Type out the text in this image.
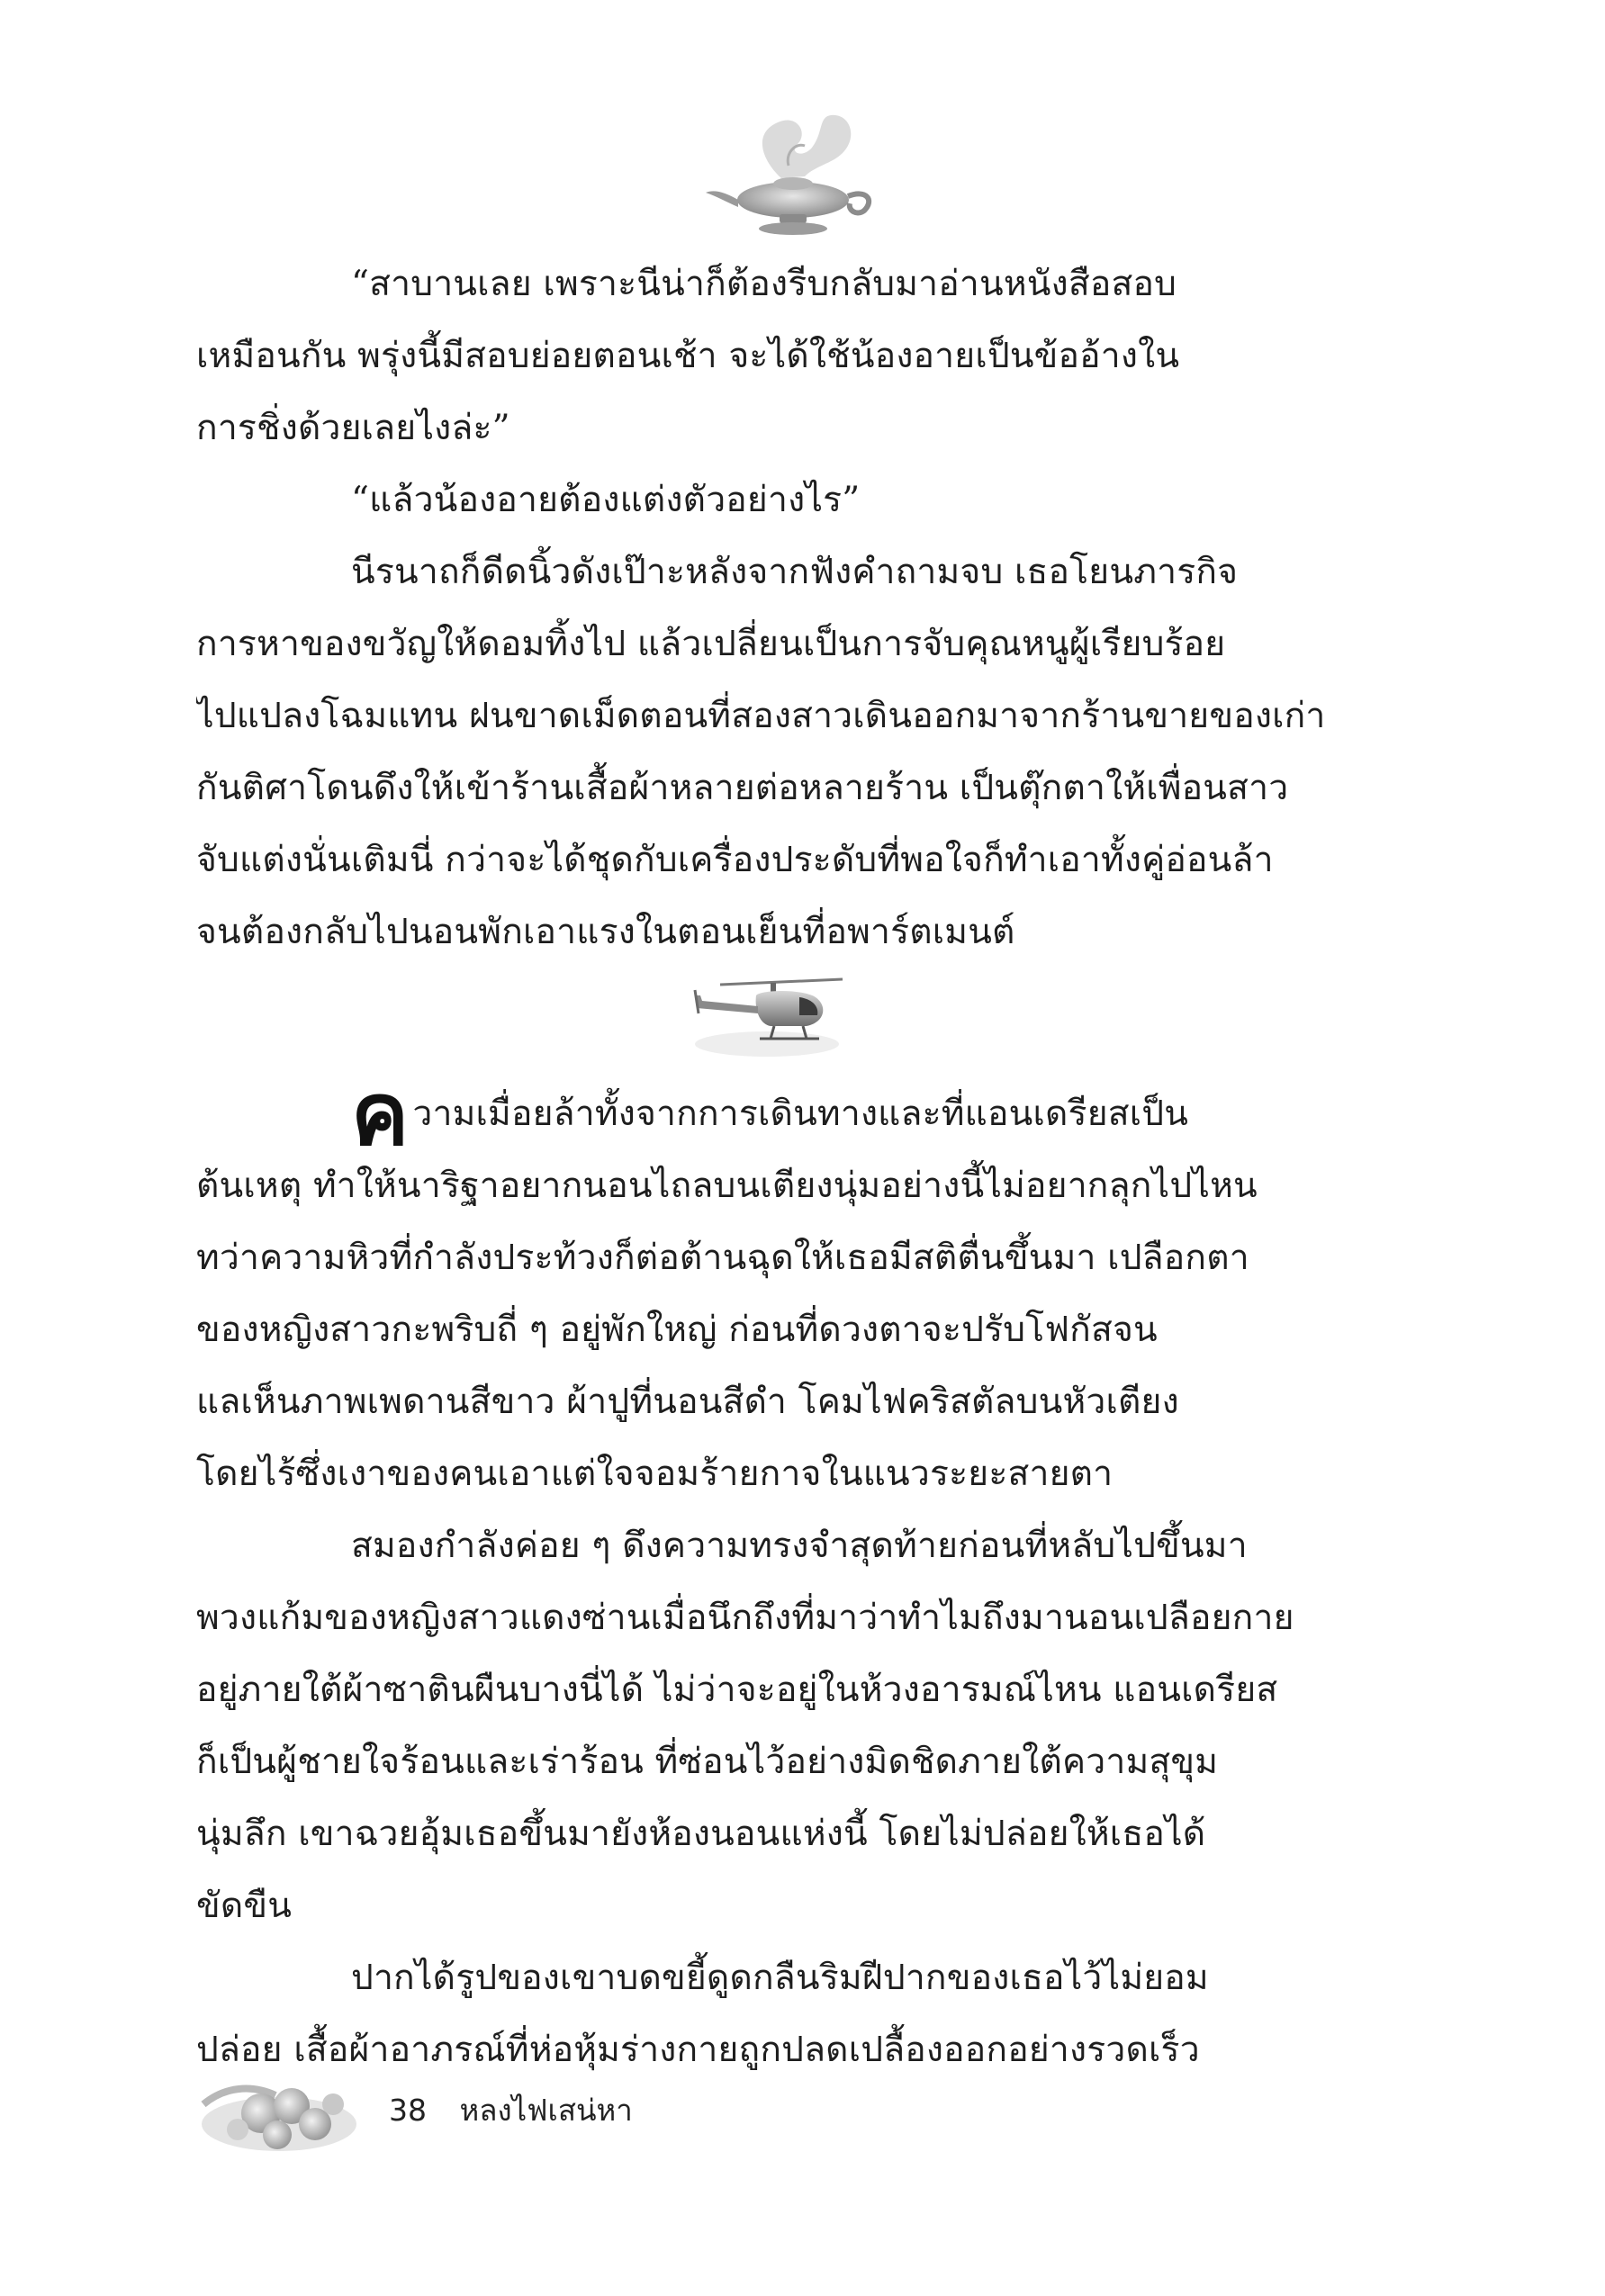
“สาบานเลย เพราะนีน่าก็ต้องรีบกลับมาอ่านหนังสือสอบ
เหมือนกัน พรุ่งนี้มีสอบย่อยตอนเช้า จะได้ใช้น้องอายเป็นข้ออ้างใน
การชิ่งด้วยเลยไงล่ะ”
“แล้วน้องอายต้องแต่งตัวอย่างไร”
นีรนาถก็ดีดนิ้วดังเป๊าะหลังจากฟังคำถามจบ เธอโยนภารกิจ
การหาของขวัญให้ดอมทิ้งไป แล้วเปลี่ยนเป็นการจับคุณหนูผู้เรียบร้อย
ไปแปลงโฉมแทน ฝนขาดเม็ดตอนที่สองสาวเดินออกมาจากร้านขายของเก่า
กันติศาโดนดึงให้เข้าร้านเสื้อผ้าหลายต่อหลายร้าน เป็นตุ๊กตาให้เพื่อนสาว
จับแต่งนั่นเติมนี่ กว่าจะได้ชุดกับเครื่องประดับที่พอใจก็ทำเอาทั้งคู่อ่อนล้า
จนต้องกลับไปนอนพักเอาแรงในตอนเย็นที่อพาร์ตเมนต์
ความเมื่อยล้าทั้งจากการเดินทางและที่แอนเดรียสเป็น
ต้นเหตุ ทำให้นาริฐาอยากนอนไถลบนเตียงนุ่มอย่างนี้ไม่อยากลุกไปไหน
ทว่าความหิวที่กำลังประท้วงก็ต่อต้านฉุดให้เธอมีสติตื่นขึ้นมา เปลือกตา
ของหญิงสาวกะพริบถี่ ๆ อยู่พักใหญ่ ก่อนที่ดวงตาจะปรับโฟกัสจน
แลเห็นภาพเพดานสีขาว ผ้าปูที่นอนสีดำ โคมไฟคริสตัลบนหัวเตียง
โดยไร้ซึ่งเงาของคนเอาแต่ใจจอมร้ายกาจในแนวระยะสายตา
สมองกำลังค่อย ๆ ดึงความทรงจำสุดท้ายก่อนที่หลับไปขึ้นมา
พวงแก้มของหญิงสาวแดงซ่านเมื่อนึกถึงที่มาว่าทำไมถึงมานอนเปลือยกาย
อยู่ภายใต้ผ้าซาตินผืนบางนี่ได้ ไม่ว่าจะอยู่ในห้วงอารมณ์ไหน แอนเดรียส
ก็เป็นผู้ชายใจร้อนและเร่าร้อน ที่ซ่อนไว้อย่างมิดชิดภายใต้ความสุขุม
นุ่มลึก เขาฉวยอุ้มเธอขึ้นมายังห้องนอนแห่งนี้ โดยไม่ปล่อยให้เธอได้
ขัดขืน
ปากได้รูปของเขาบดขยี้ดูดกลืนริมฝีปากของเธอไว้ไม่ยอม
ปล่อย เสื้อผ้าอาภรณ์ที่ห่อหุ้มร่างกายถูกปลดเปลื้องออกอย่างรวดเร็ว
38 หลงไฟเสน่หา
